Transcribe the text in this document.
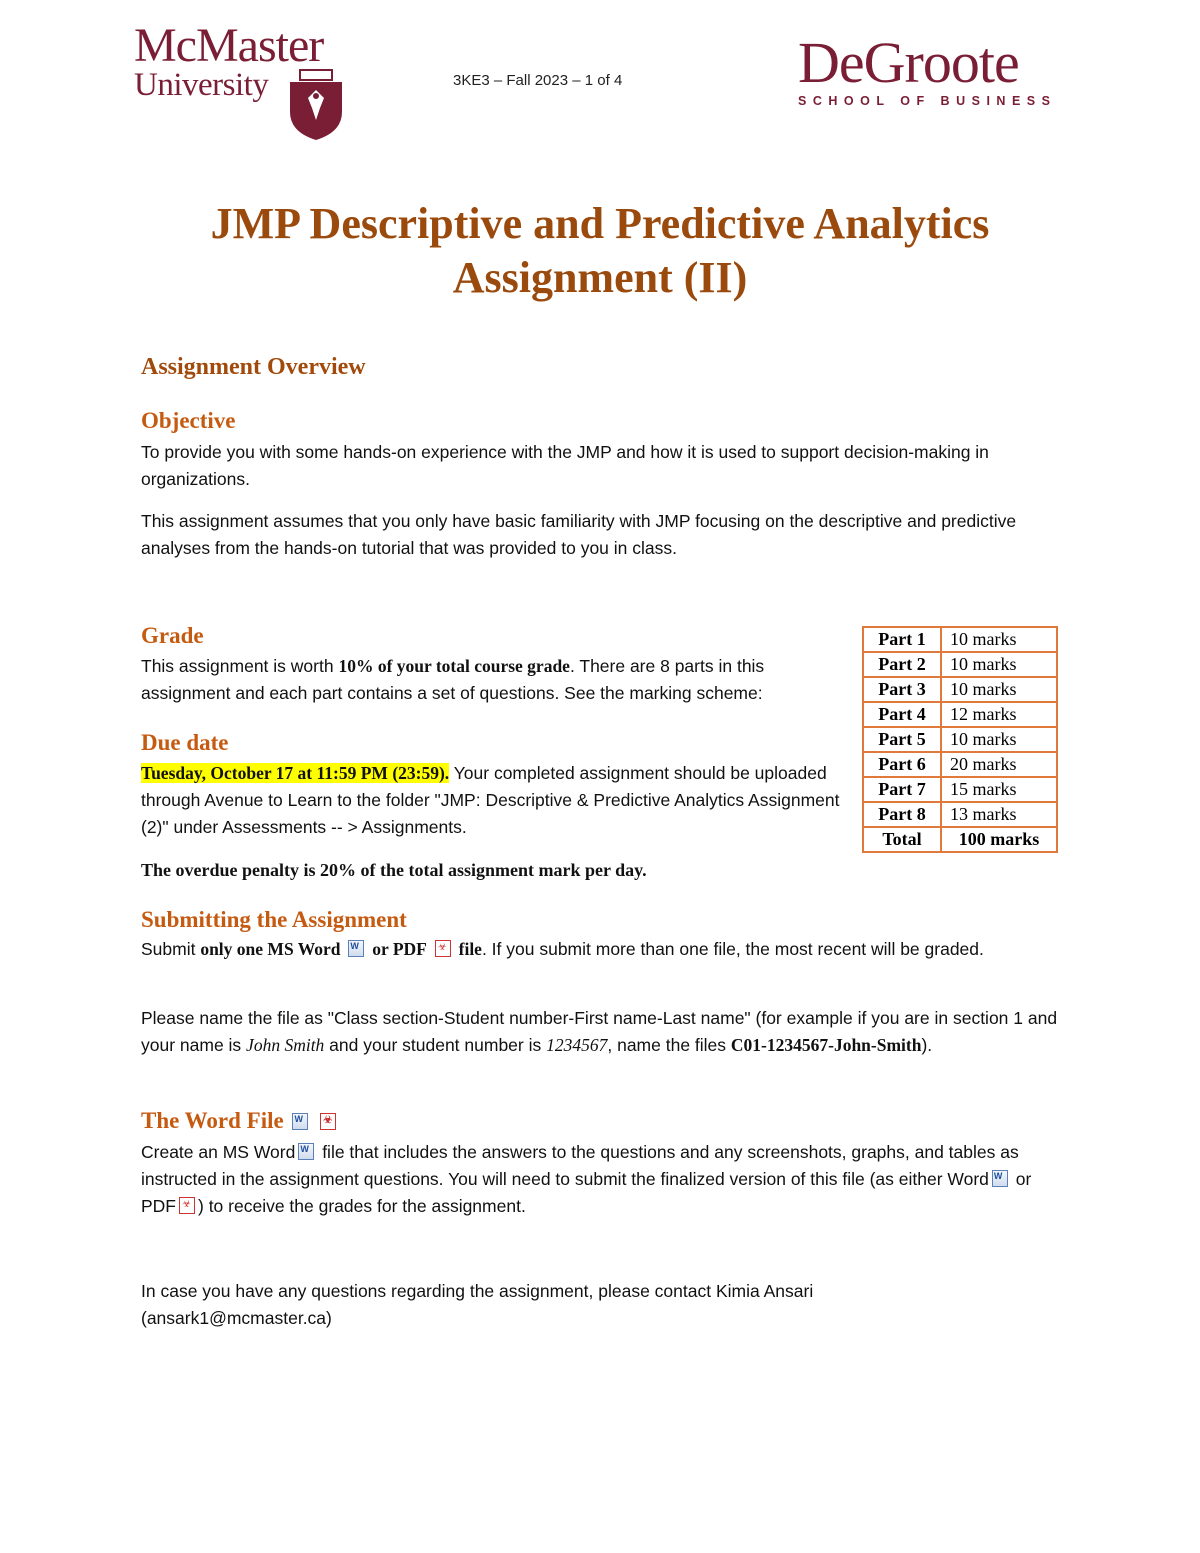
McMaster
University	3KE3 – Fall 2023 – 1 of 4	DeGroote
SCHOOL OF BUSINESS
JMP Descriptive and Predictive Analytics
Assignment (II)
Assignment Overview
Objective
To provide you with some hands-on experience with the JMP and how it is used to support decision-making in organizations.
This assignment assumes that you only have basic familiarity with JMP focusing on the descriptive and predictive analyses from the hands-on tutorial that was provided to you in class.
Grade
This assignment is worth 10% of your total course grade. There are 8 parts in this assignment and each part contains a set of questions. See the marking scheme:
Part 1	10 marks
Part 2	10 marks
Part 3	10 marks
Part 4	12 marks
Part 5	10 marks
Part 6	20 marks
Part 7	15 marks
Part 8	13 marks
Total	100 marks
Due date
Tuesday, October 17 at 11:59 PM (23:59). Your completed assignment should be uploaded through Avenue to Learn to the folder "JMP: Descriptive & Predictive Analytics Assignment (2)" under Assessments -- > Assignments.
The overdue penalty is 20% of the total assignment mark per day.
Submitting the Assignment
Submit only one MS Word W or PDF ☣ file. If you submit more than one file, the most recent will be graded.
Please name the file as "Class section-Student number-First name-Last name" (for example if you are in section 1 and your name is John Smith and your student number is 1234567, name the files C01-1234567-John-Smith).
The Word File W ☣
Create an MS WordW file that includes the answers to the questions and any screenshots, graphs, and tables as instructed in the assignment questions. You will need to submit the finalized version of this file (as either WordW or PDF ☣ ) to receive the grades for the assignment.
In case you have any questions regarding the assignment, please contact Kimia Ansari (ansark1@mcmaster.ca)
